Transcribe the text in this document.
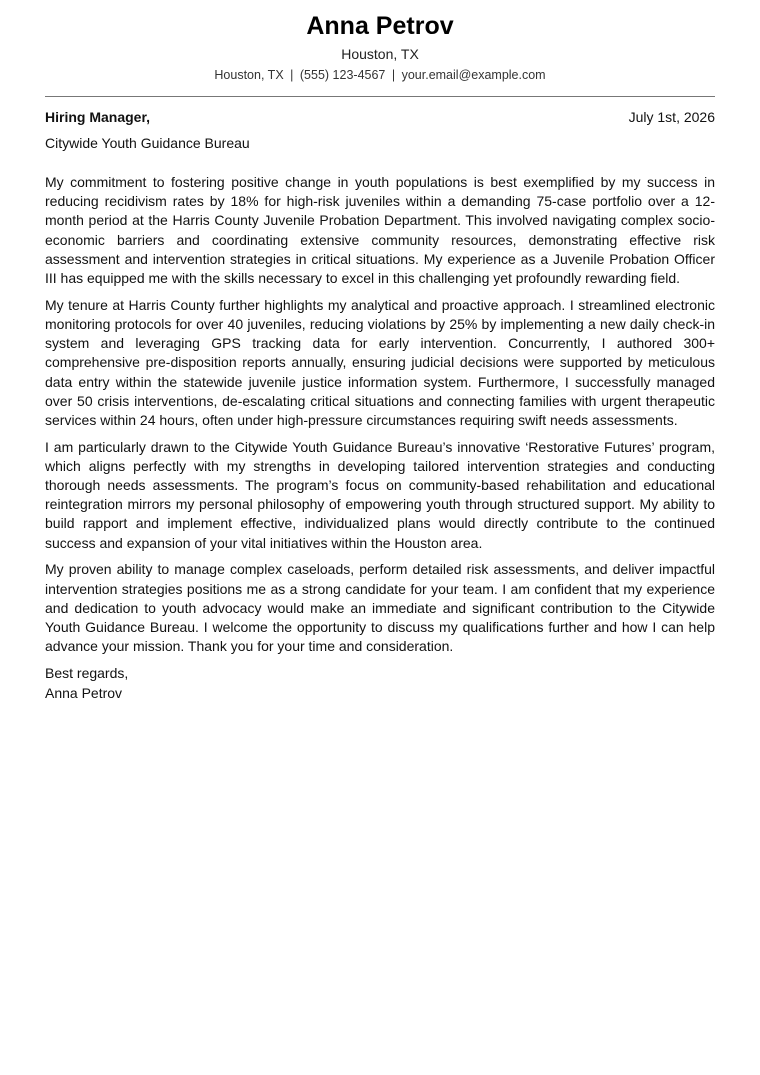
Anna Petrov
Houston, TX
Houston, TX | (555) 123-4567 | your.email@example.com
Hiring Manager,	July 1st, 2026
Citywide Youth Guidance Bureau

My commitment to fostering positive change in youth populations is best exemplified by my success in reducing recidivism rates by 18% for high-risk juveniles within a demanding 75-case portfolio over a 12-month period at the Harris County Juvenile Probation Department. This involved navigating complex socio-economic barriers and coordinating extensive community resources, demonstrating effective risk assessment and intervention strategies in critical situations. My experience as a Juvenile Probation Officer III has equipped me with the skills necessary to excel in this challenging yet profoundly rewarding field.

My tenure at Harris County further highlights my analytical and proactive approach. I streamlined electronic monitoring protocols for over 40 juveniles, reducing violations by 25% by implementing a new daily check-in system and leveraging GPS tracking data for early intervention. Concurrently, I authored 300+ comprehensive pre-disposition reports annually, ensuring judicial decisions were supported by meticulous data entry within the statewide juvenile justice information system. Furthermore, I successfully managed over 50 crisis interventions, de-escalating critical situations and connecting families with urgent therapeutic services within 24 hours, often under high-pressure circumstances requiring swift needs assessments.

I am particularly drawn to the Citywide Youth Guidance Bureau’s innovative ‘Restorative Futures’ program, which aligns perfectly with my strengths in developing tailored intervention strategies and conducting thorough needs assessments. The program’s focus on community-based rehabilitation and educational reintegration mirrors my personal philosophy of empowering youth through structured support. My ability to build rapport and implement effective, individualized plans would directly contribute to the continued success and expansion of your vital initiatives within the Houston area.

My proven ability to manage complex caseloads, perform detailed risk assessments, and deliver impactful intervention strategies positions me as a strong candidate for your team. I am confident that my experience and dedication to youth advocacy would make an immediate and significant contribution to the Citywide Youth Guidance Bureau. I welcome the opportunity to discuss my qualifications further and how I can help advance your mission. Thank you for your time and consideration.

Best regards,
Anna Petrov
